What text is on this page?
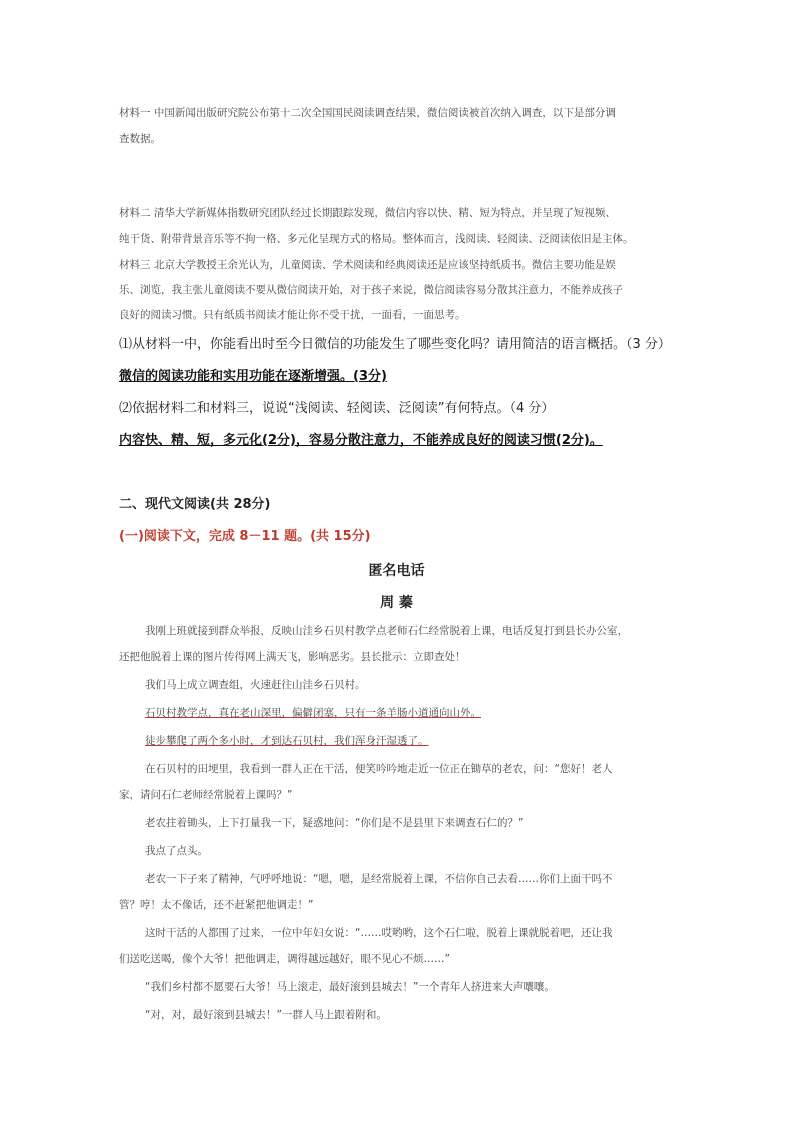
材料一 中国新闻出版研究院公布第十二次全国国民阅读调查结果，微信阅读被首次纳入调查，以下是部分调
查数据。
材料二 清华大学新媒体指数研究团队经过长期跟踪发现，微信内容以快、精、短为特点，并呈现了短视频、
纯干货、附带背景音乐等不拘一格、多元化呈现方式的格局。整体而言，浅阅读、轻阅读、泛阅读依旧是主体。
材料三 北京大学教授王余光认为，儿童阅读、学术阅读和经典阅读还是应该坚持纸质书。微信主要功能是娱
乐、浏览，我主张儿童阅读不要从微信阅读开始，对于孩子来说，微信阅读容易分散其注意力，不能养成孩子
良好的阅读习惯。只有纸质书阅读才能让你不受干扰，一面看，一面思考。
⑴从材料一中，你能看出时至今日微信的功能发生了哪些变化吗？请用简洁的语言概括。（3 分）
微信的阅读功能和实用功能在逐渐增强。(3分)
⑵依据材料二和材料三，说说“浅阅读、轻阅读、泛阅读”有何特点。（4 分）
内容快、精、短，多元化(2分)，容易分散注意力，不能养成良好的阅读习惯(2分)。
二、现代文阅读(共 28分)
(一)阅读下文，完成 8－11 题。(共 15分)
匿名电话
周 蓁
我刚上班就接到群众举报，反映山洼乡石贝村教学点老师石仁经常脱着上课，电话反复打到县长办公室，
还把他脱着上课的图片传得网上满天飞，影响恶劣。县长批示：立即查处！
我们马上成立调查组，火速赶往山洼乡石贝村。
石贝村教学点，真在老山深里，偏僻闭塞，只有一条羊肠小道通向山外。
徒步攀爬了两个多小时，才到达石贝村，我们浑身汗湿透了。
在石贝村的田埂里，我看到一群人正在干活，便笑吟吟地走近一位正在锄草的老农，问：“您好！老人
家，请问石仁老师经常脱着上课吗？”
老农拄着锄头，上下打量我一下，疑惑地问：“你们是不是县里下来调查石仁的？”
我点了点头。
老农一下子来了精神，气呼呼地说：“嗯，嗯，是经常脱着上课，不信你自己去看……你们上面干吗不
管？哼！太不像话，还不赶紧把他调走！”
这时干活的人都围了过来，一位中年妇女说：“……哎哟哟，这个石仁啦，脱着上课就脱着吧，还让我
们送吃送喝，像个大爷！把他调走，调得越远越好，眼不见心不烦……”
“我们乡村都不愿要石大爷！马上滚走，最好滚到县城去！”一个青年人挤进来大声嚷嚷。
“对，对，最好滚到县城去！”一群人马上跟着附和。
